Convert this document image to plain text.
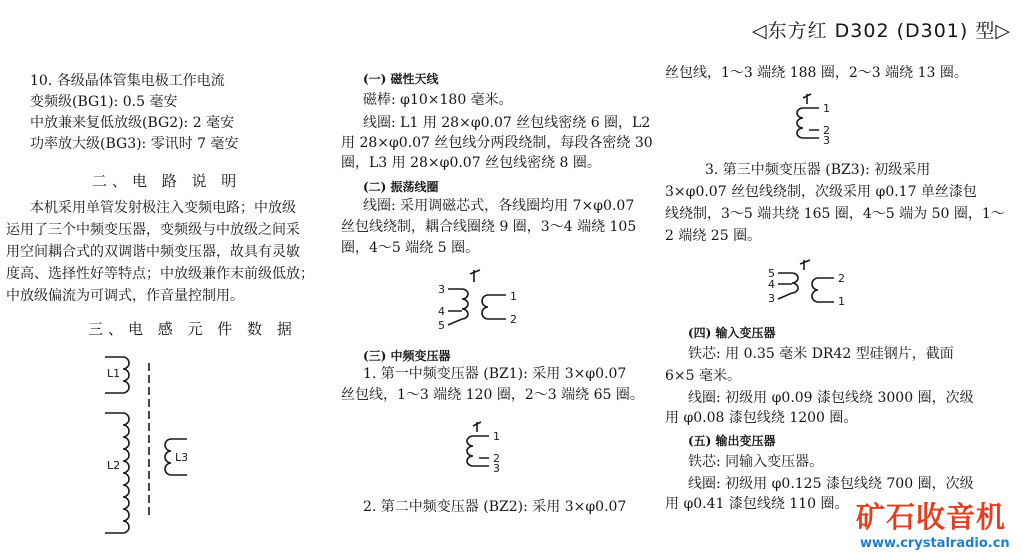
◁东方红 D302 (D301) 型▷
10. 各级晶体管集电极工作电流
变频级(BG1): 0.5 毫安
中放兼来复低放级(BG2): 2 毫安
功率放大级(BG3): 零讯时 7 毫安
二、电 路 说 明
本机采用单管发射极注入变频电路；中放级
运用了三个中频变压器，变频级与中放级之间采
用空间耦合式的双调谐中频变压器，故具有灵敏
度高、选择性好等特点；中放级兼作末前级低放；
中放级偏流为可调式，作音量控制用。
三、电 感 元 件 数 据
L1
L2
L3
(一) 磁性天线
磁棒: φ10×180 毫米。
线圈: L1 用 28×φ0.07 丝包线密绕 6 圈，L2
用 28×φ0.07 丝包线分两段绕制，每段各密绕 30
圈，L3 用 28×φ0.07 丝包线密绕 8 圈。
(二) 振荡线圈
线圈: 采用调磁芯式，各线圈均用 7×φ0.07
丝包线绕制，耦合线圈绕 9 圈，3～4 端绕 105
圈，4～5 端绕 5 圈。
3
4
5
1
2
(三) 中频变压器
1. 第一中频变压器 (BZ1): 采用 3×φ0.07
丝包线，1～3 端绕 120 圈，2～3 端绕 65 圈。
1
2
3
2. 第二中频变压器 (BZ2): 采用 3×φ0.07
丝包线，1～3 端绕 188 圈，2～3 端绕 13 圈。
1
2
3
3. 第三中频变压器 (BZ3): 初级采用
3×φ0.07 丝包线绕制，次级采用 φ0.17 单丝漆包
线绕制，3～5 端共绕 165 圈，4～5 端为 50 圈，1～
2 端绕 25 圈。
5
4
3
2
1
(四) 输入变压器
铁芯: 用 0.35 毫米 DR42 型硅钢片，截面
6×5 毫米。
线圈: 初级用 φ0.09 漆包线绕 3000 圈，次级
用 φ0.08 漆包线绕 1200 圈。
(五) 输出变压器
铁芯: 同输入变压器。
线圈: 初级用 φ0.125 漆包线绕 700 圈，次级
用 φ0.41 漆包线绕 110 圈。 矿石收音机
www.crystalradio.cn
